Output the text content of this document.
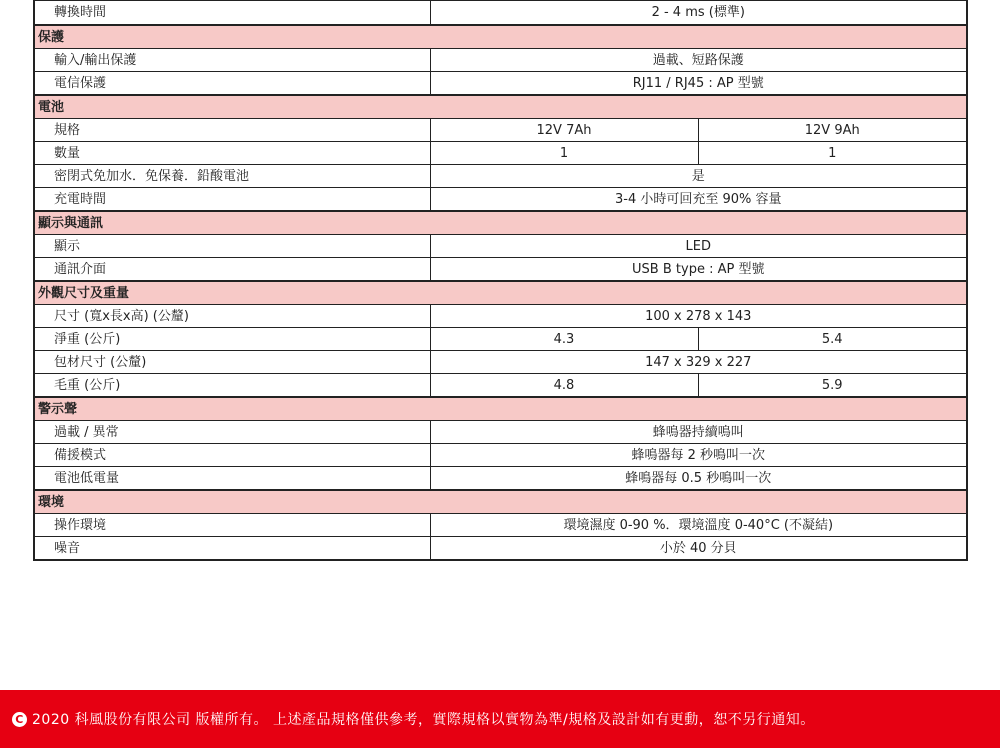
轉換時間	2 - 4 ms (標準)	
保護		
輸入/輸出保護	過載、短路保護	
電信保護	RJ11 / RJ45 : AP 型號	
電池		
規格	12V 7Ah	12V 9Ah
數量	1	1
密閉式免加水．免保養．鉛酸電池	是	
充電時間	3-4 小時可回充至 90% 容量	
顯示與通訊		
顯示	LED	
通訊介面	USB B type : AP 型號	
外觀尺寸及重量		
尺寸 (寬x長x高) (公釐)	100 x 278 x 143	
淨重 (公斤)	4.3	5.4
包材尺寸 (公釐)	147 x 329 x 227	
毛重 (公斤)	4.8	5.9
警示聲		
過載 / 異常	蜂鳴器持續鳴叫	
備援模式	蜂鳴器每 2 秒鳴叫一次	
電池低電量	蜂鳴器每 0.5 秒鳴叫一次	
環境		
操作環境	環境濕度 0-90 %．環境溫度 0-40°C (不凝結)	
噪音	小於 40 分貝	
C 2020 科風股份有限公司 版權所有。 上述產品規格僅供參考，實際規格以實物為準/規格及設計如有更動，恕不另行通知。
